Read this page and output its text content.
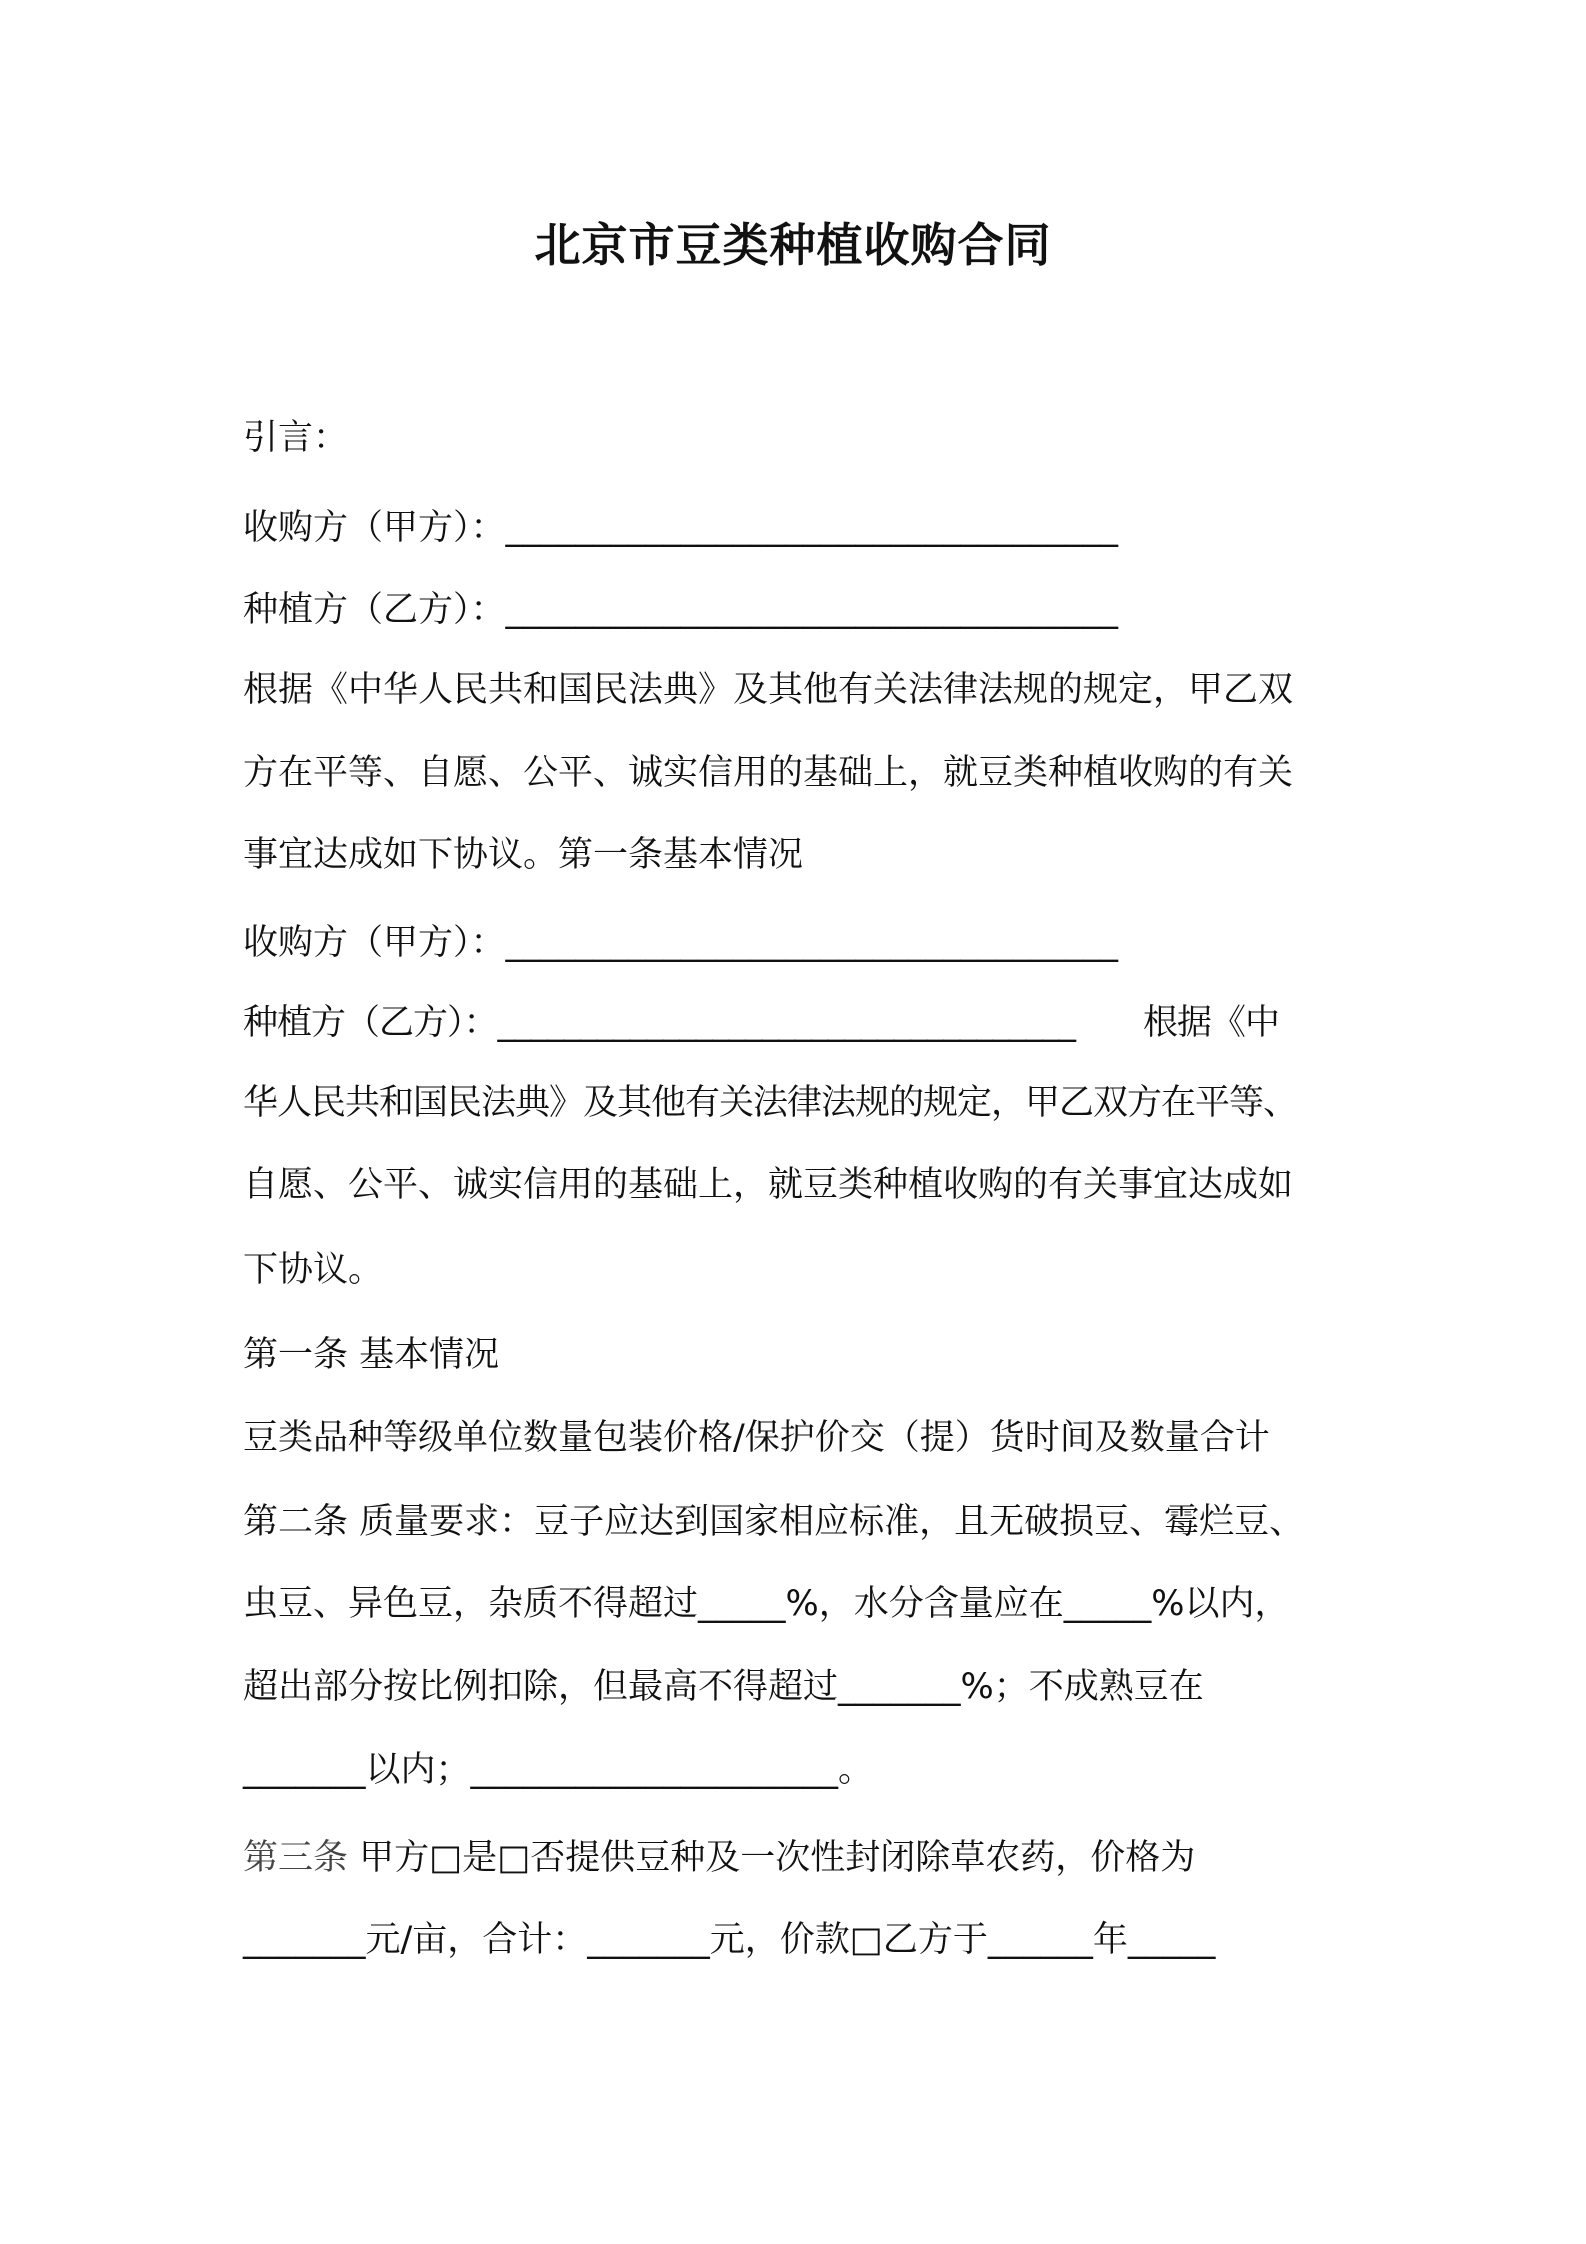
北京市豆类种植收购合同
引言：
收购方（甲方）：___________________________________
种植方（乙方）：___________________________________
根据《中华人民共和国民法典》及其他有关法律法规的规定，甲乙双
方在平等、自愿、公平、诚实信用的基础上，就豆类种植收购的有关
事宜达成如下协议。第一条基本情况
收购方（甲方）：___________________________________
种植方（乙方）：___________________________________　　根据《中
华人民共和国民法典》及其他有关法律法规的规定，甲乙双方在平等、
自愿、公平、诚实信用的基础上，就豆类种植收购的有关事宜达成如
下协议。
第一条 基本情况
豆类品种等级单位数量包装价格/保护价交（提）货时间及数量合计
第二条 质量要求：豆子应达到国家相应标准，且无破损豆、霉烂豆、
虫豆、异色豆，杂质不得超过_____%，水分含量应在_____%以内，
超出部分按比例扣除，但最高不得超过_______%；不成熟豆在
_______以内；_____________________。
第三条 甲方□是□否提供豆种及一次性封闭除草农药，价格为
_______元/亩，合计：_______元，价款□乙方于______年_____
